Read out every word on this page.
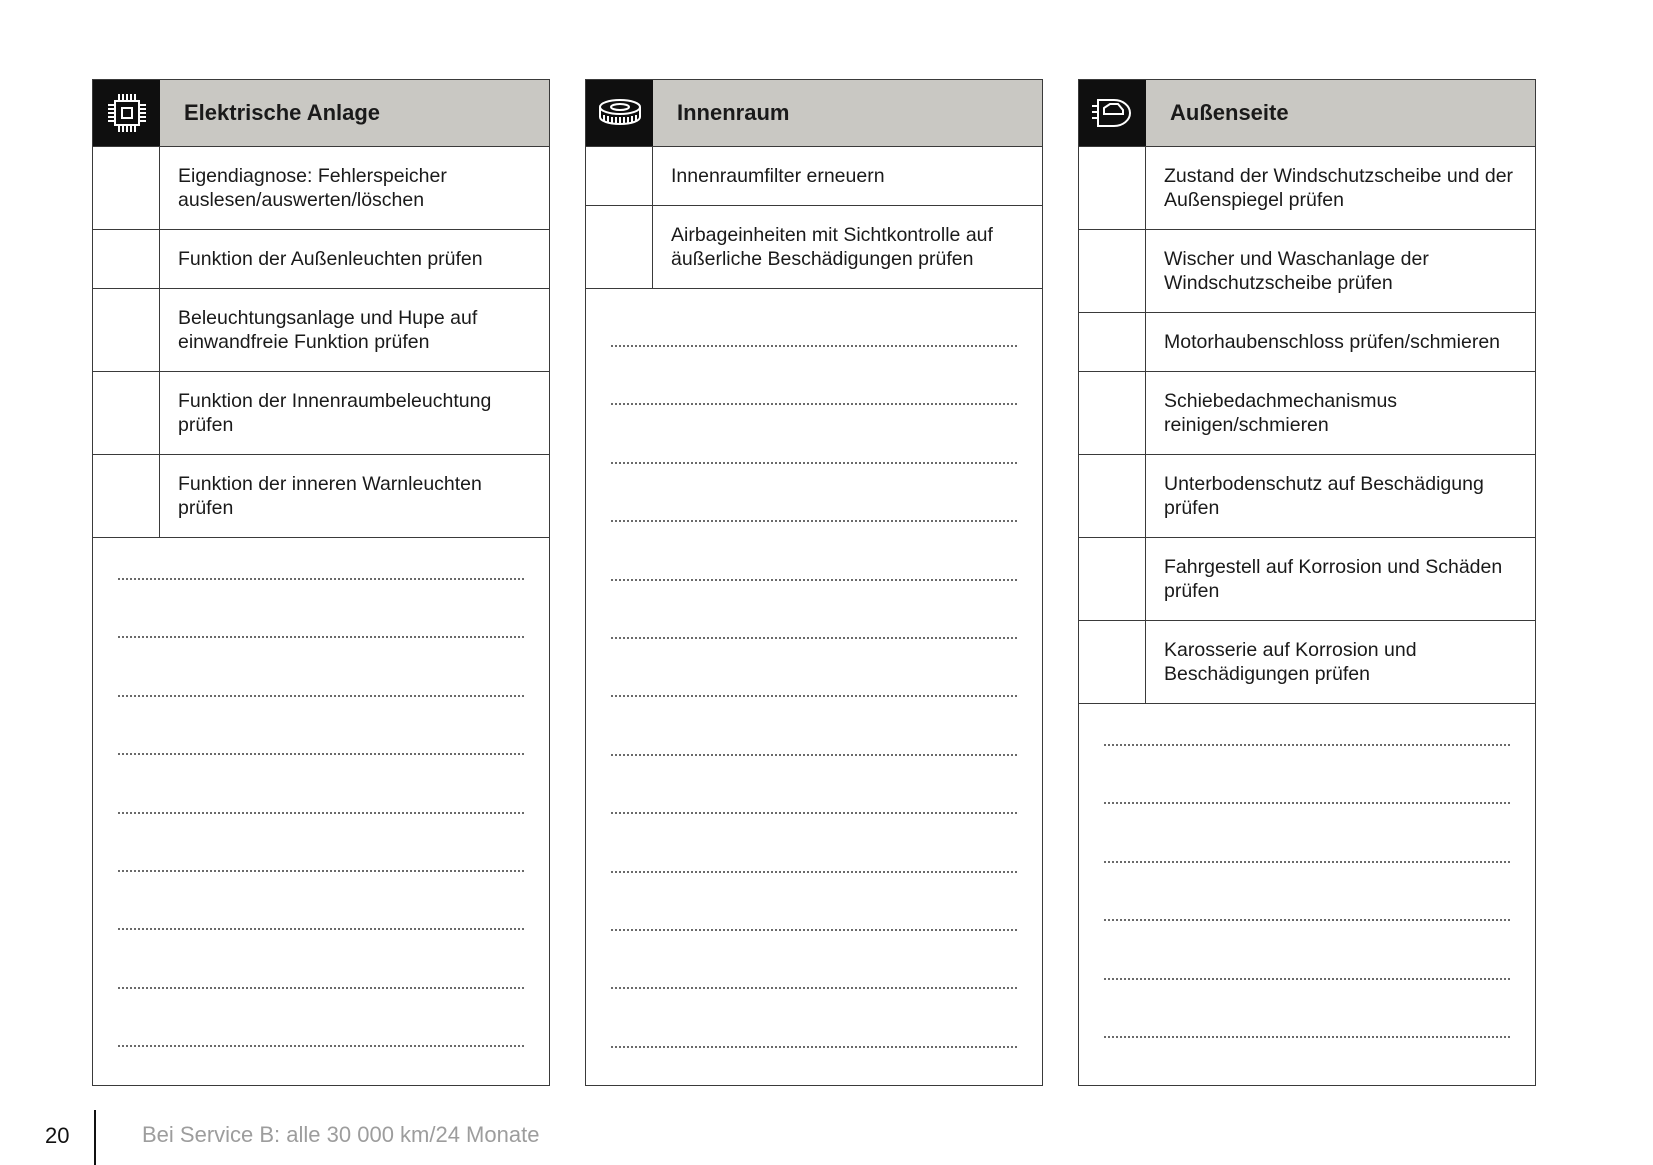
Elektrische Anlage
Eigendiagnose: Fehlerspeicher auslesen/auswerten/löschen
Funktion der Außenleuchten prüfen
Beleuchtungsanlage und Hupe auf einwandfreie Funktion prüfen
Funktion der Innenraumbeleuchtung prüfen
Funktion der inneren Warnleuchten prüfen
Innenraum
Innenraumfilter erneuern
Airbageinheiten mit Sichtkontrolle auf äußerliche Beschädigungen prüfen
Außenseite
Zustand der Windschutzscheibe und der Außenspiegel prüfen
Wischer und Waschanlage der Windschutzscheibe prüfen
Motorhaubenschloss prüfen/schmieren
Schiebedachmechanismus reinigen/schmieren
Unterbodenschutz auf Beschädigung prüfen
Fahrgestell auf Korrosion und Schäden prüfen
Karosserie auf Korrosion und Beschädigungen prüfen
20	Bei Service B: alle 30 000 km/24 Monate
